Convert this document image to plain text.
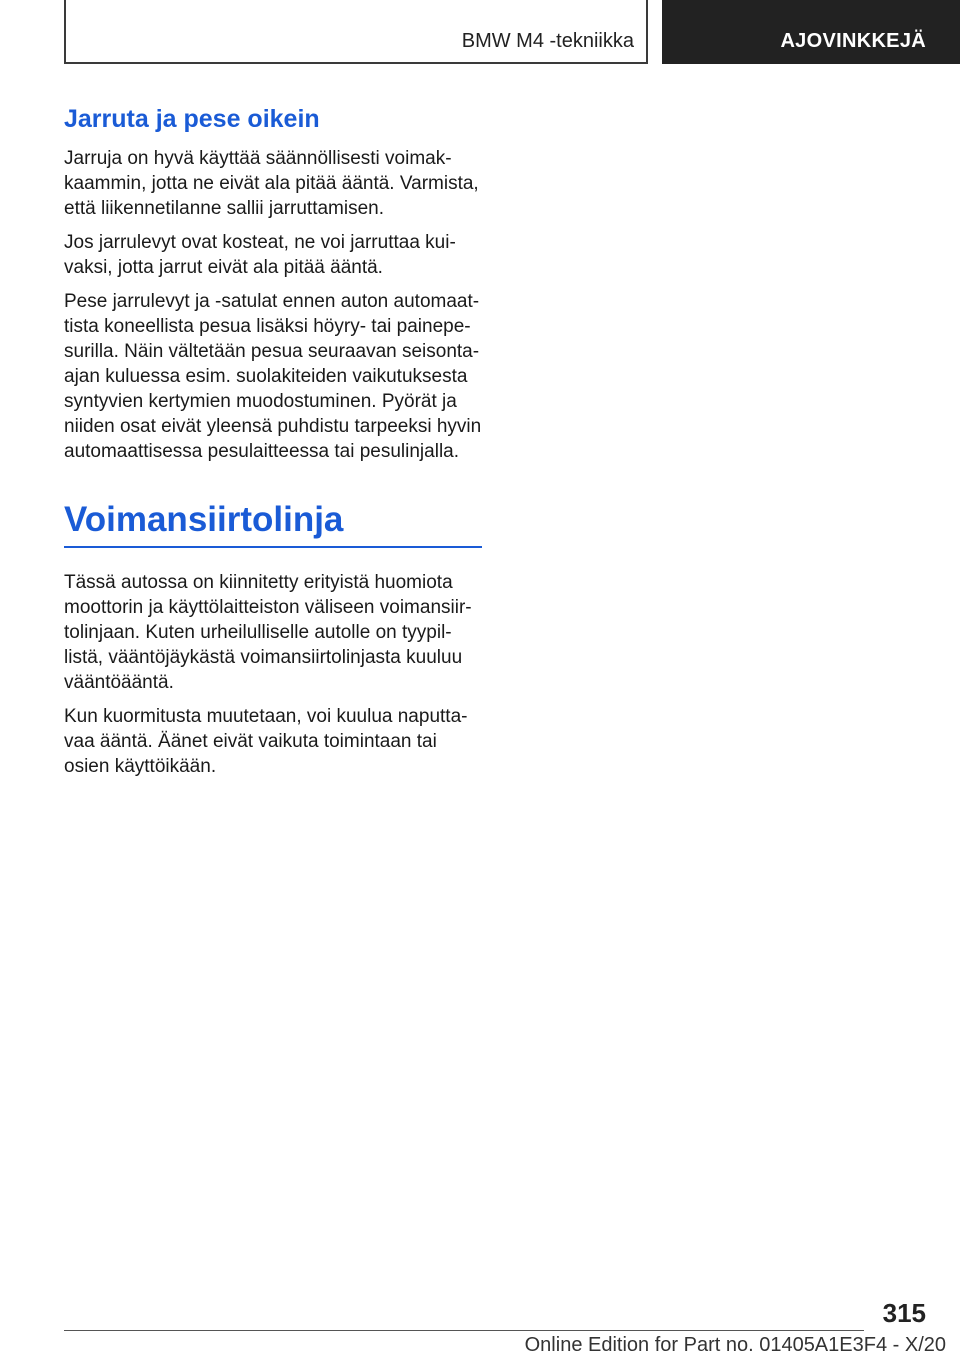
BMW M4 -tekniikka	AJOVINKKEJÄ
Jarruta ja pese oikein

Jarruja on hyvä käyttää säännöllisesti voimakkaammin, jotta ne eivät ala pitää ääntä. Varmista, että liikennetilanne sallii jarruttamisen.

Jos jarrulevyt ovat kosteat, ne voi jarruttaa kuivaksi, jotta jarrut eivät ala pitää ääntä.

Pese jarrulevyt ja -satulat ennen auton automaattista koneellista pesua lisäksi höyry- tai painepesurilla. Näin vältetään pesua seuraavan seisontaajan kuluessa esim. suolakiteiden vaikutuksesta syntyvien kertymien muodostuminen. Pyörät ja niiden osat eivät yleensä puhdistu tarpeeksi hyvin automaattisessa pesulaitteessa tai pesulinjalla.

Voimansiirtolinja

Tässä autossa on kiinnitetty erityistä huomiota moottorin ja käyttölaitteiston väliseen voimansiirtolinjaan. Kuten urheilulliselle autolle on tyypillistä, vääntöjäykästä voimansiirtolinjasta kuuluu vääntöääntä.

Kun kuormitusta muutetaan, voi kuulua naputtavaa ääntä. Äänet eivät vaikuta toimintaan tai osien käyttöikään.

315
Online Edition for Part no. 01405A1E3F4 - X/20
